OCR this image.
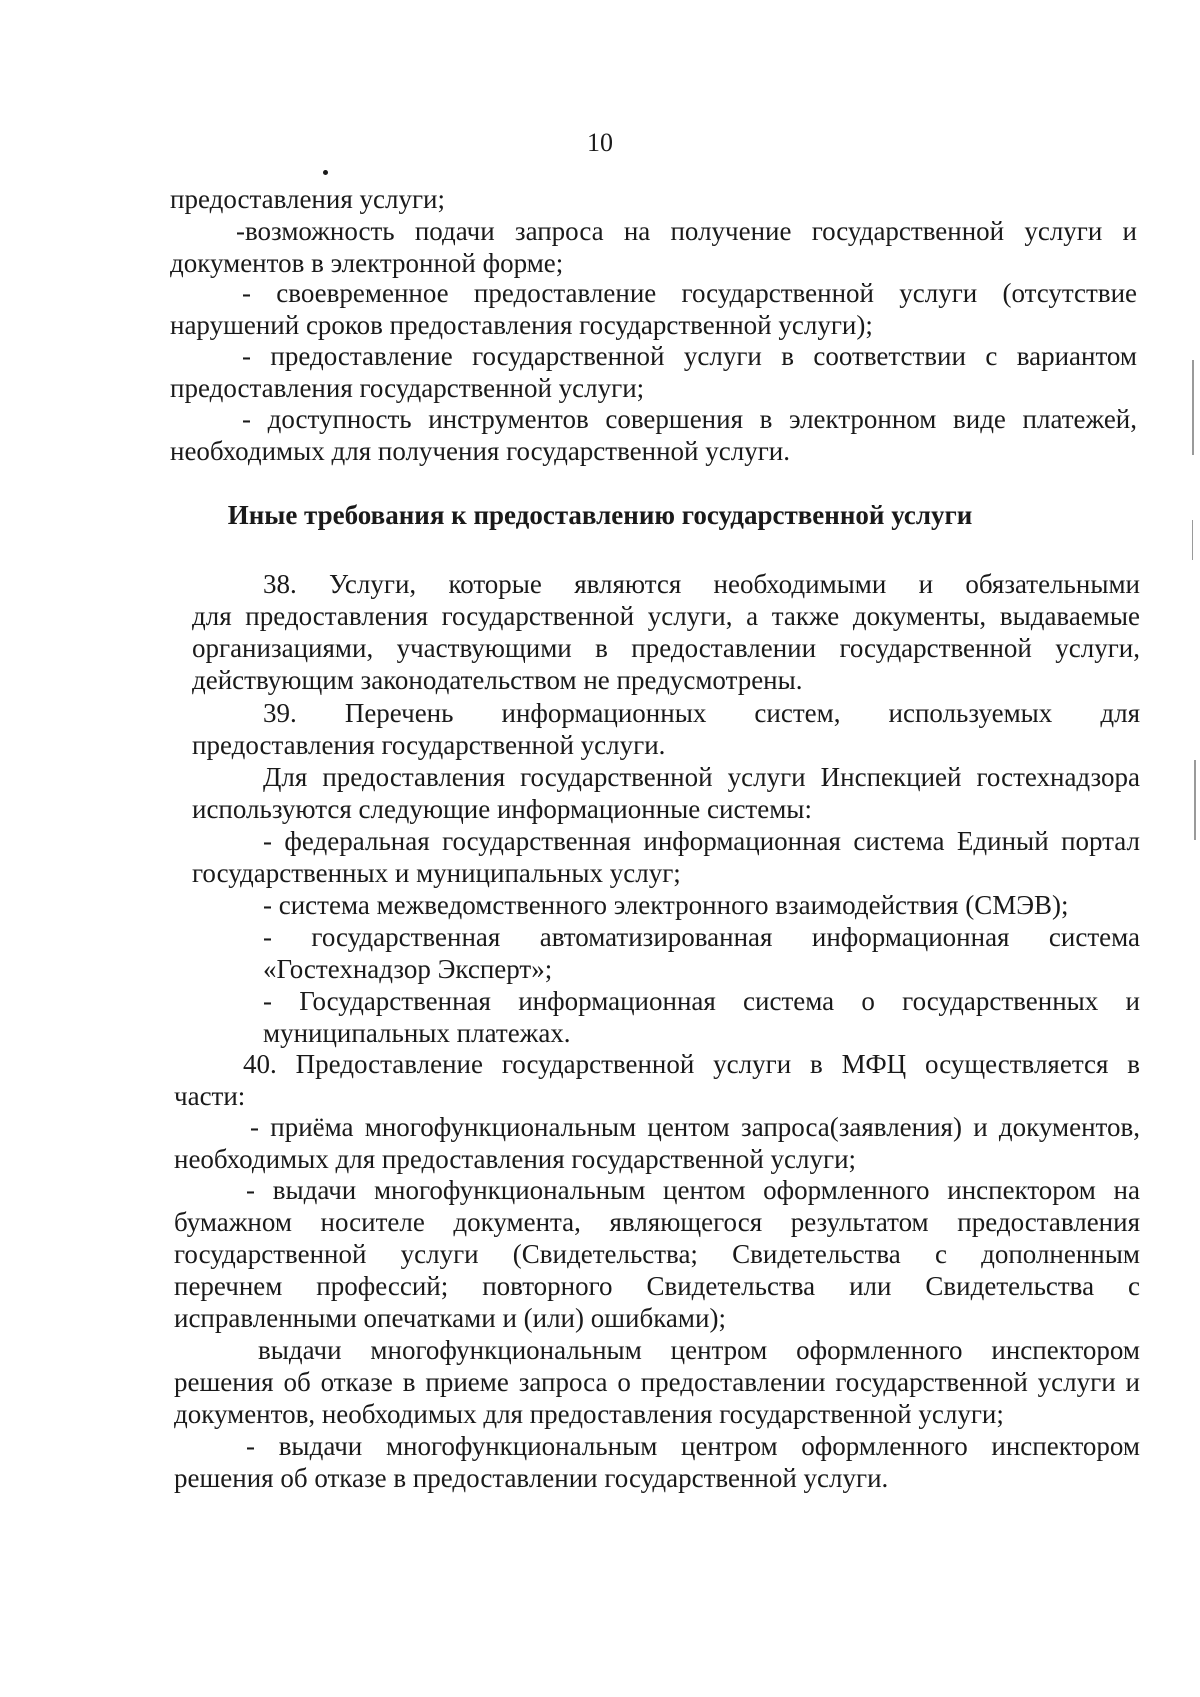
10
предоставления услуги;
-возможность подачи запроса на получение государственной услуги и
документов в электронной форме;
- своевременное предоставление государственной услуги (отсутствие
нарушений сроков предоставления государственной услуги);
- предоставление государственной услуги в соответствии с вариантом
предоставления государственной услуги;
- доступность инструментов совершения в электронном виде платежей,
необходимых для получения государственной услуги.
Иные требования к предоставлению государственной услуги
38. Услуги, которые являются необходимыми и обязательными
для предоставления государственной услуги, а также документы, выдаваемые
организациями, участвующими в предоставлении государственной услуги,
действующим законодательством не предусмотрены.
39. Перечень информационных систем, используемых для
предоставления государственной услуги.
Для предоставления государственной услуги Инспекцией гостехнадзора
используются следующие информационные системы:
- федеральная государственная информационная система Единый портал
государственных и муниципальных услуг;
- система межведомственного электронного взаимодействия (СМЭВ);
- государственная автоматизированная информационная система
«Гостехнадзор Эксперт»;
- Государственная информационная система о государственных и
муниципальных платежах.
40. Предоставление государственной услуги в МФЦ осуществляется в
части:
- приёма многофункциональным центом запроса(заявления) и документов,
необходимых для предоставления государственной услуги;
- выдачи многофункциональным центом оформленного инспектором на
бумажном носителе документа, являющегося результатом предоставления
государственной услуги (Свидетельства; Свидетельства с дополненным
перечнем профессий; повторного Свидетельства или Свидетельства с
исправленными опечатками и (или) ошибками);
выдачи многофункциональным центром оформленного инспектором
решения об отказе в приеме запроса о предоставлении государственной услуги и
документов, необходимых для предоставления государственной услуги;
- выдачи многофункциональным центром оформленного инспектором
решения об отказе в предоставлении государственной услуги.
